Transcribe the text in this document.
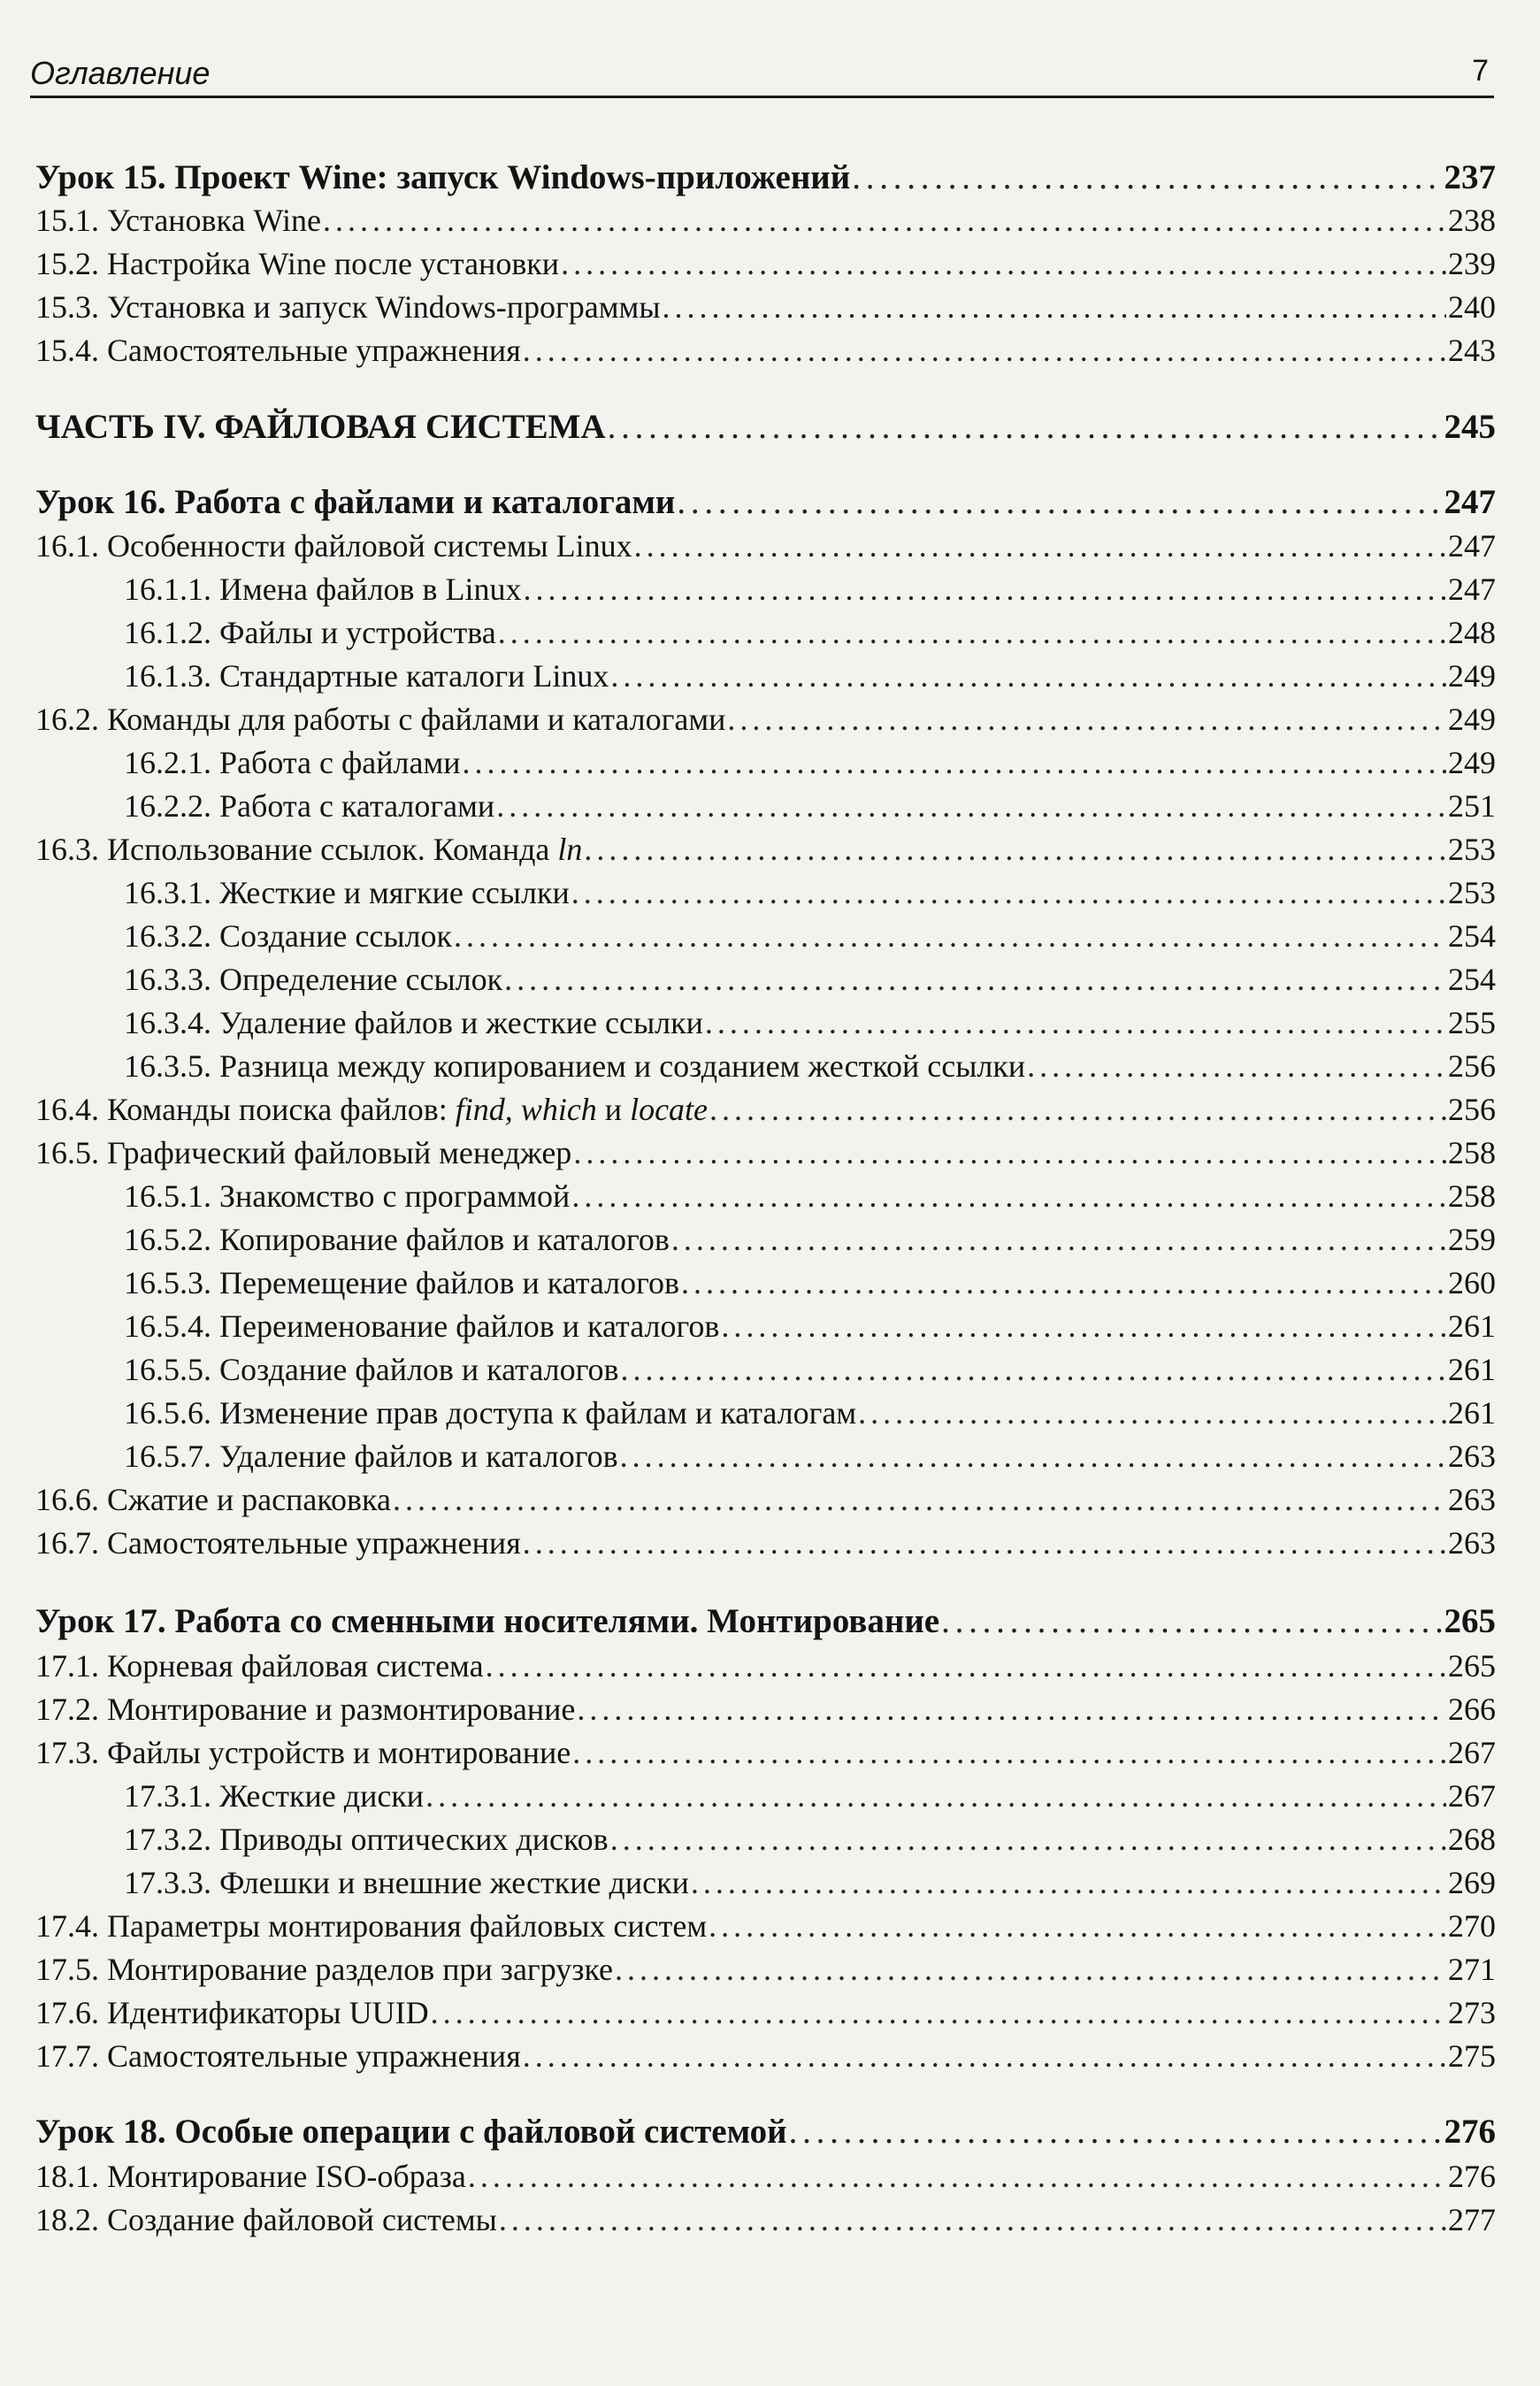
Оглавление	7
Урок 15. Проект Wine: запуск Windows-приложений . . .	237
15.1. Установка Wine . . .	238
15.2. Настройка Wine после установки . . .	239
15.3. Установка и запуск Windows-программы . . .	240
15.4. Самостоятельные упражнения . . .	243
ЧАСТЬ IV. ФАЙЛОВАЯ СИСТЕМА . . .	245
Урок 16. Работа с файлами и каталогами . . .	247
16.1. Особенности файловой системы Linux . . .	247
16.1.1. Имена файлов в Linux . . .	247
16.1.2. Файлы и устройства . . .	248
16.1.3. Стандартные каталоги Linux . . .	249
16.2. Команды для работы с файлами и каталогами . . .	249
16.2.1. Работа с файлами . . .	249
16.2.2. Работа с каталогами . . .	251
16.3. Использование ссылок. Команда ln . . .	253
16.3.1. Жесткие и мягкие ссылки . . .	253
16.3.2. Создание ссылок . . .	254
16.3.3. Определение ссылок . . .	254
16.3.4. Удаление файлов и жесткие ссылки . . .	255
16.3.5. Разница между копированием и созданием жесткой ссылки . . .	256
16.4. Команды поиска файлов: find, which и locate . . .	256
16.5. Графический файловый менеджер . . .	258
16.5.1. Знакомство с программой . . .	258
16.5.2. Копирование файлов и каталогов . . .	259
16.5.3. Перемещение файлов и каталогов . . .	260
16.5.4. Переименование файлов и каталогов . . .	261
16.5.5. Создание файлов и каталогов . . .	261
16.5.6. Изменение прав доступа к файлам и каталогам . . .	261
16.5.7. Удаление файлов и каталогов . . .	263
16.6. Сжатие и распаковка . . .	263
16.7. Самостоятельные упражнения . . .	263
Урок 17. Работа со сменными носителями. Монтирование . . .	265
17.1. Корневая файловая система . . .	265
17.2. Монтирование и размонтирование . . .	266
17.3. Файлы устройств и монтирование . . .	267
17.3.1. Жесткие диски . . .	267
17.3.2. Приводы оптических дисков . . .	268
17.3.3. Флешки и внешние жесткие диски . . .	269
17.4. Параметры монтирования файловых систем . . .	270
17.5. Монтирование разделов при загрузке . . .	271
17.6. Идентификаторы UUID . . .	273
17.7. Самостоятельные упражнения . . .	275
Урок 18. Особые операции с файловой системой . . .	276
18.1. Монтирование ISO-образа . . .	276
18.2. Создание файловой системы . . .	277
